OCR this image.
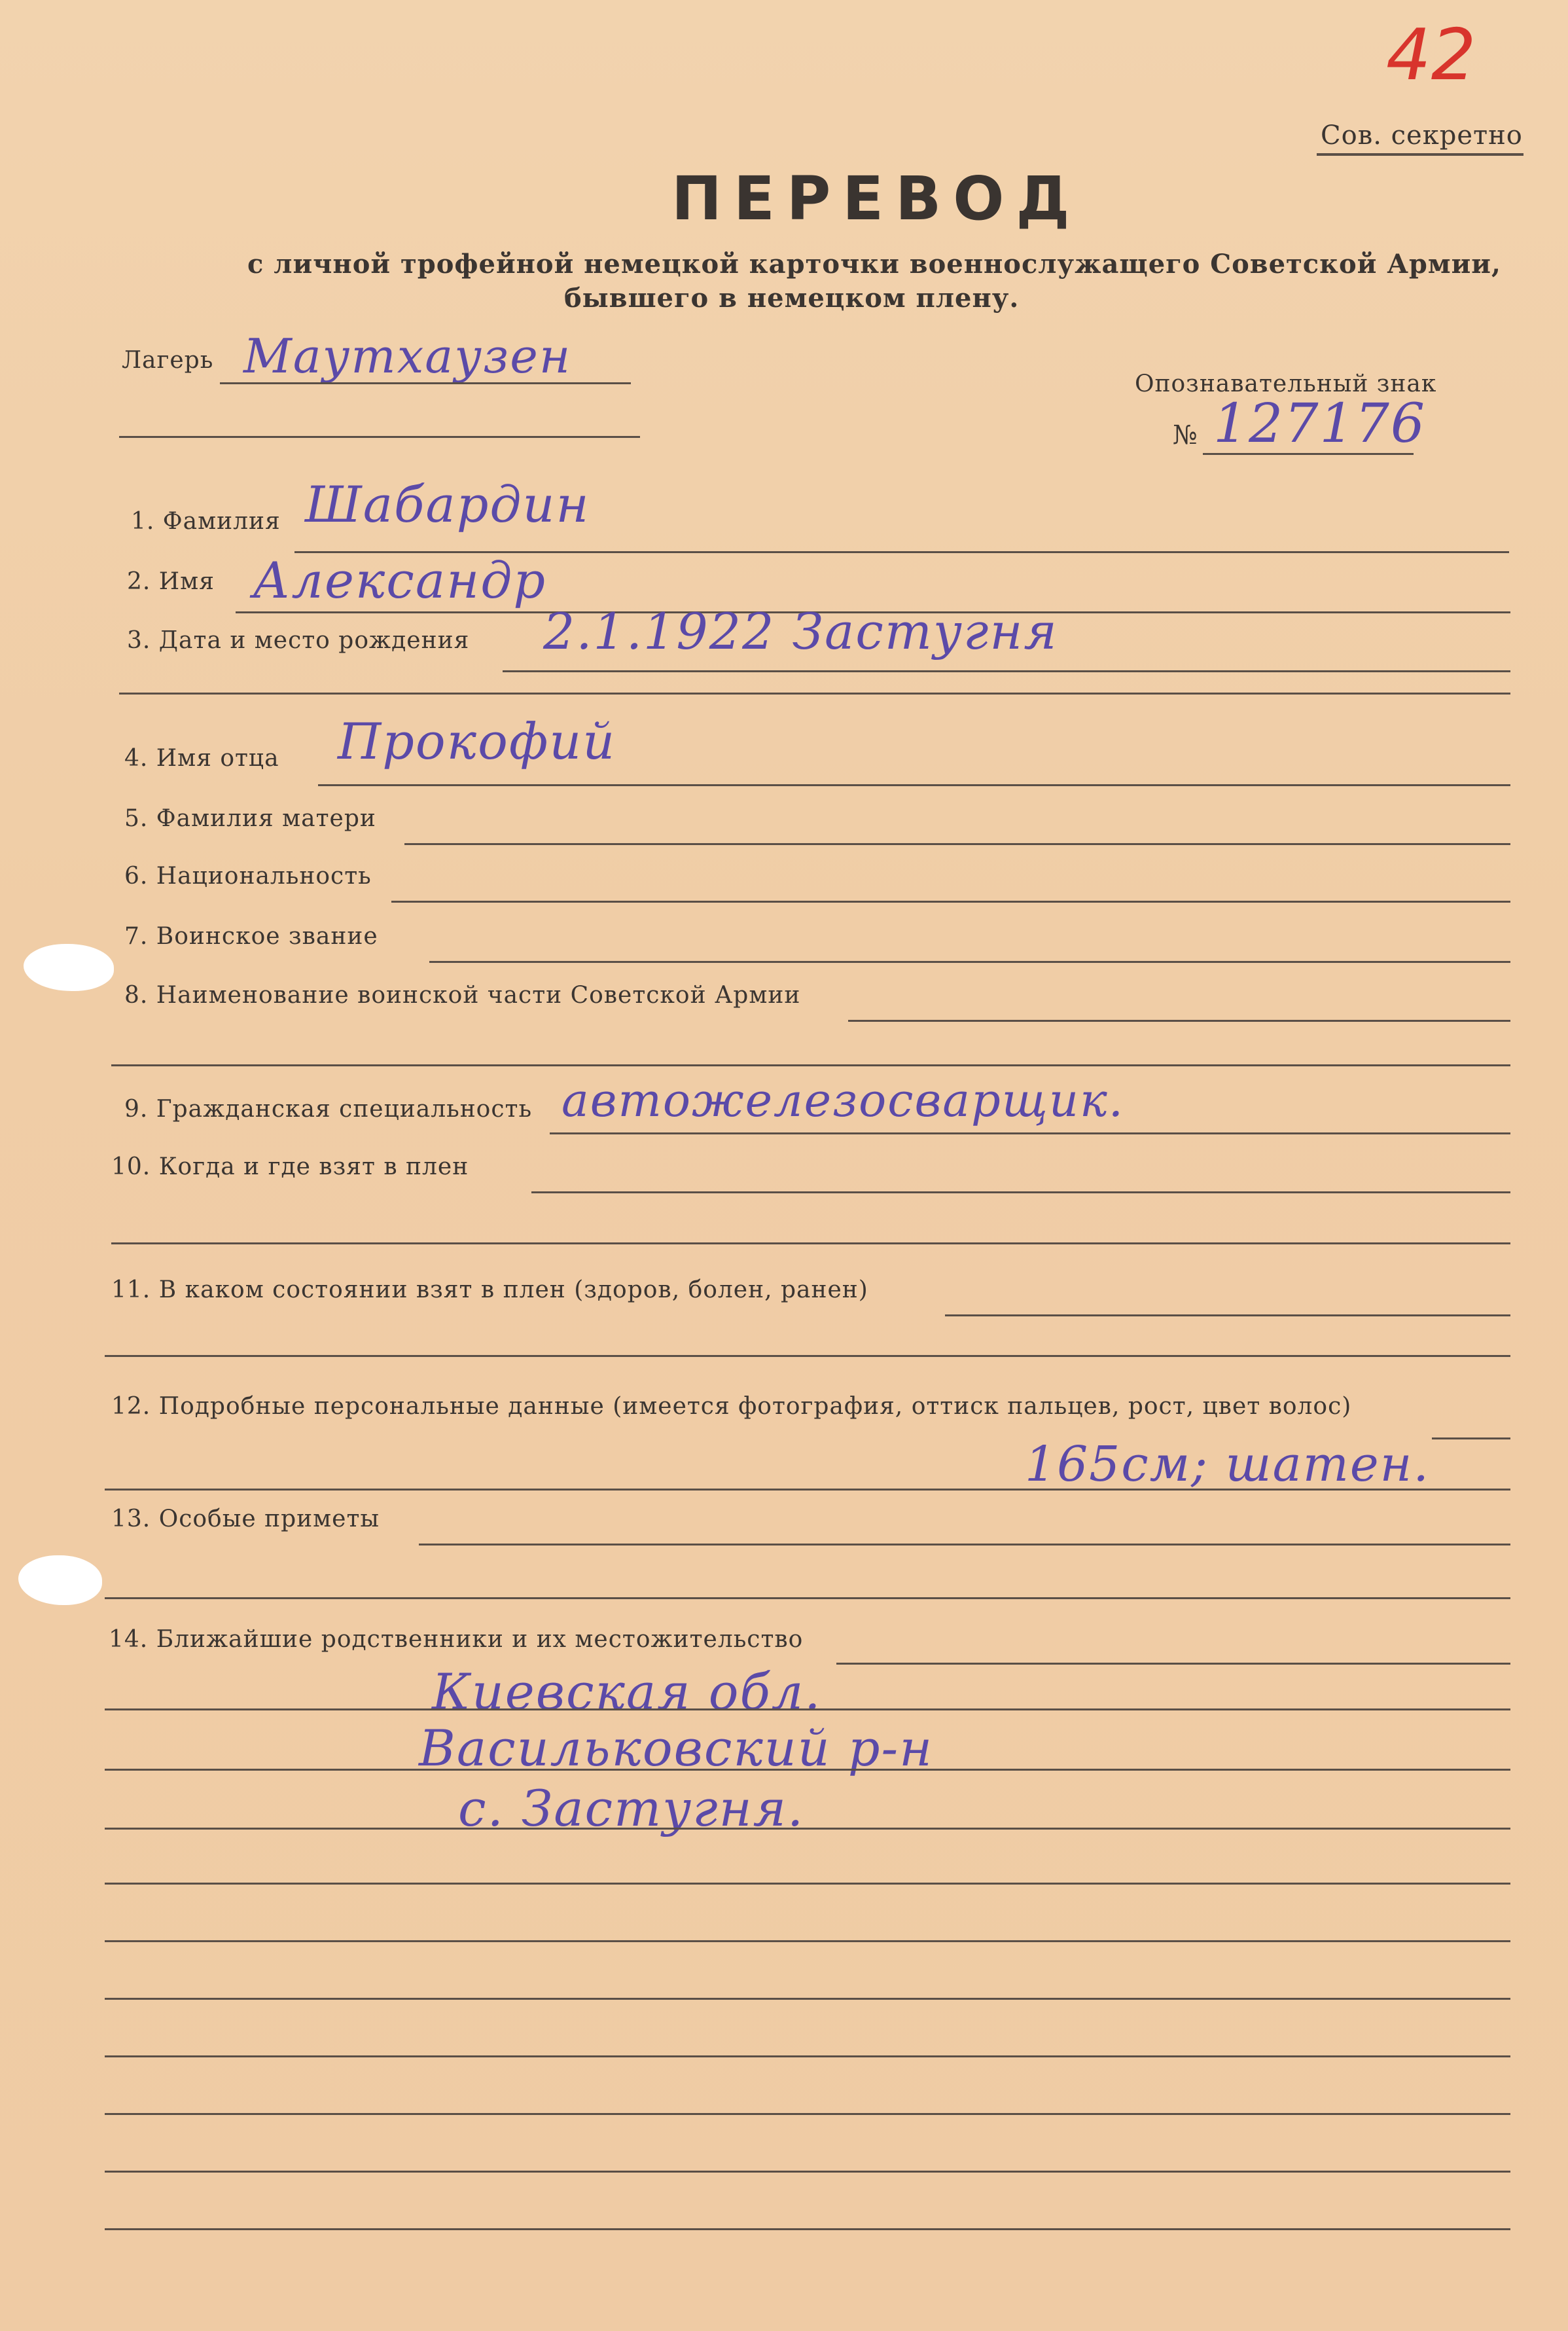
42
Сов. секретно
ПЕРЕВОД
с личной трофейной немецкой карточки военнослужащего Советской Армии,
бывшего в немецком плену.
Лагерь Маутхаузен
Опознавательный знак
№ 127176
1. Фамилия Шабардин
2. Имя Александр
3. Дата и место рождения 2.1.1922 Застугня
4. Имя отца Прокофий
5. Фамилия матери
6. Национальность
7. Воинское звание
8. Наименование воинской части Советской Армии
9. Гражданская специальность автожелезосварщик.
10. Когда и где взят в плен
11. В каком состоянии взят в плен (здоров, болен, ранен)
12. Подробные персональные данные (имеется фотография, оттиск пальцев, рост, цвет волос)
165см; шатен.
13. Особые приметы
14. Ближайшие родственники и их местожительство
Киевская обл.
Васильковский р-н
с. Застугня.
